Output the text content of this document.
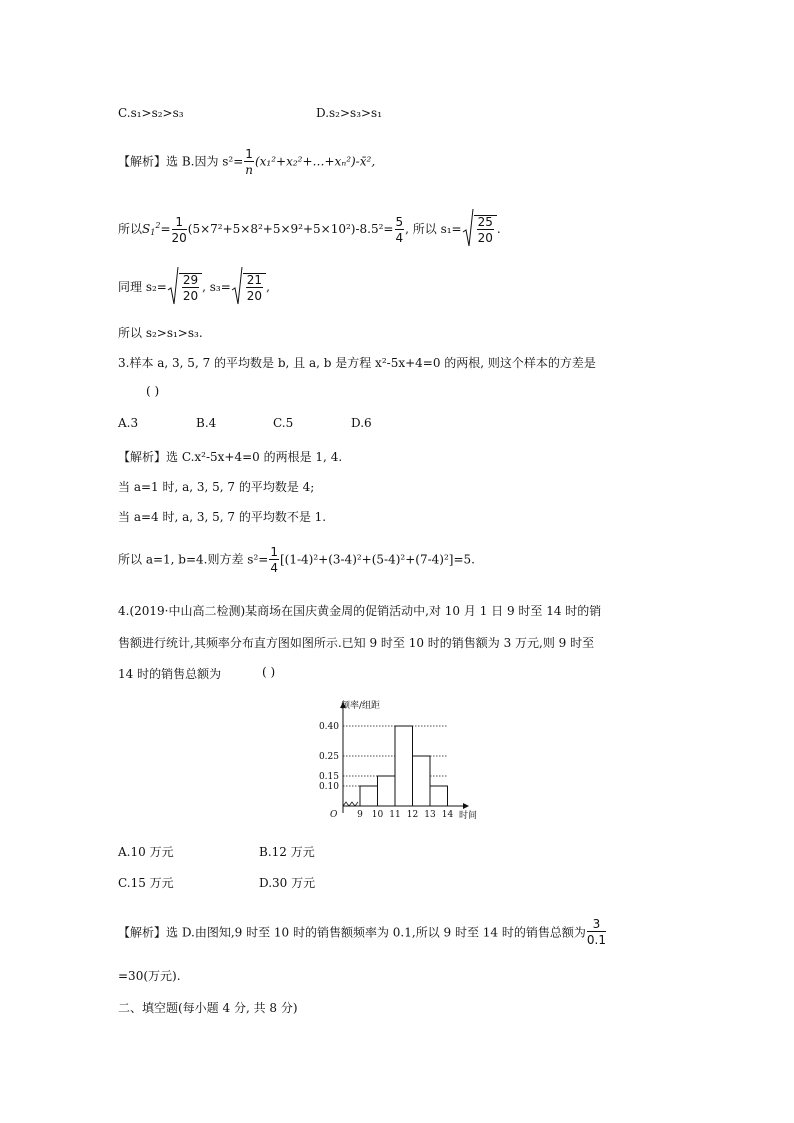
C.s₁>s₂>s₃	D.s₂>s₃>s₁
【解析】选 B.因为 $s^2= \frac{1}{n}$ (x₁²+x₂²+…+xₙ²)-x̄²,
所以$S_1^2= \frac{1}{20} (5\times 7^2+5\times 8^2+5\times 9^2+5\times 10^2)-8.5^2= \frac{5}{4}$ , 所以 $s_1= \frac{25}{20}$ .
同理 $s_2= \frac{29}{20}$ , $s_3= \frac{21}{20}$ ,
所以 s₂>s₁>s₃.
3.样本 a, 3, 5, 7 的平均数是 b, 且 a, b 是方程 x²-5x+4=0 的两根, 则这个样本的方差是
( )
A.3	B.4	C.5	D.6
【解析】选 C.x²-5x+4=0 的两根是 1, 4.
当 a=1 时, a, 3, 5, 7 的平均数是 4;
当 a=4 时, a, 3, 5, 7 的平均数不是 1.
所以 a=1, b=4.则方差 $s^2= \frac{1}{4} [(1-4)^2+(3-4)^2+(5-4)^2+(7-4)^2]=5$.
4.(2019·中山高二检测)某商场在国庆黄金周的促销活动中,对 10 月 1 日 9 时至 14 时的销
售额进行统计,其频率分布直方图如图所示.已知 9 时至 10 时的销售额为 3 万元,则 9 时至
14 时的销售总额为	( )
频率/组距
时间
O 9 10 11 12 13 14
0.40
0.25
0.15
0.10
A.10 万元	B.12 万元
C.15 万元	D.30 万元
【解析】选 D.由图知,9 时至 10 时的销售额频率为 0.1,所以 9 时至 14 时的销售总额为 $\frac{3}{0.1}$
=30(万元).
二、填空题(每小题 4 分, 共 8 分)
